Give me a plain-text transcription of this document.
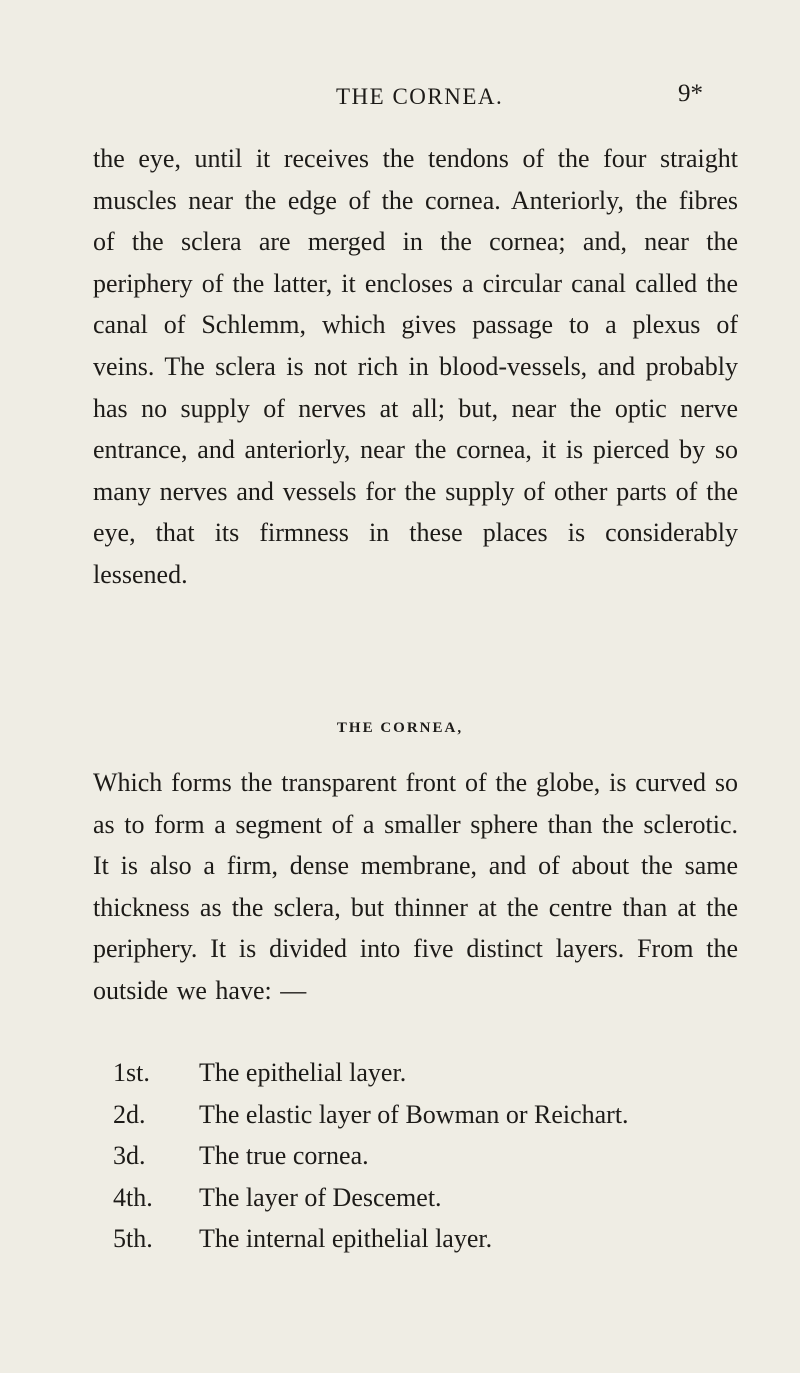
THE CORNEA.	9*

the eye, until it receives the tendons of the four straight muscles near the edge of the cornea. Anteriorly, the fibres of the sclera are merged in the cornea; and, near the periphery of the latter, it encloses a circular canal called the canal of Schlemm, which gives passage to a plexus of veins. The sclera is not rich in blood-vessels, and probably has no supply of nerves at all; but, near the optic nerve entrance, and anteriorly, near the cornea, it is pierced by so many nerves and vessels for the supply of other parts of the eye, that its firmness in these places is considerably lessened.

THE CORNEA,

Which forms the transparent front of the globe, is curved so as to form a segment of a smaller sphere than the sclerotic. It is also a firm, dense membrane, and of about the same thickness as the sclera, but thinner at the centre than at the periphery. It is divided into five distinct layers. From the outside we have: —

1st. The epithelial layer.
2d. The elastic layer of Bowman or Reichart.
3d. The true cornea.
4th. The layer of Descemet.
5th. The internal epithelial layer.
